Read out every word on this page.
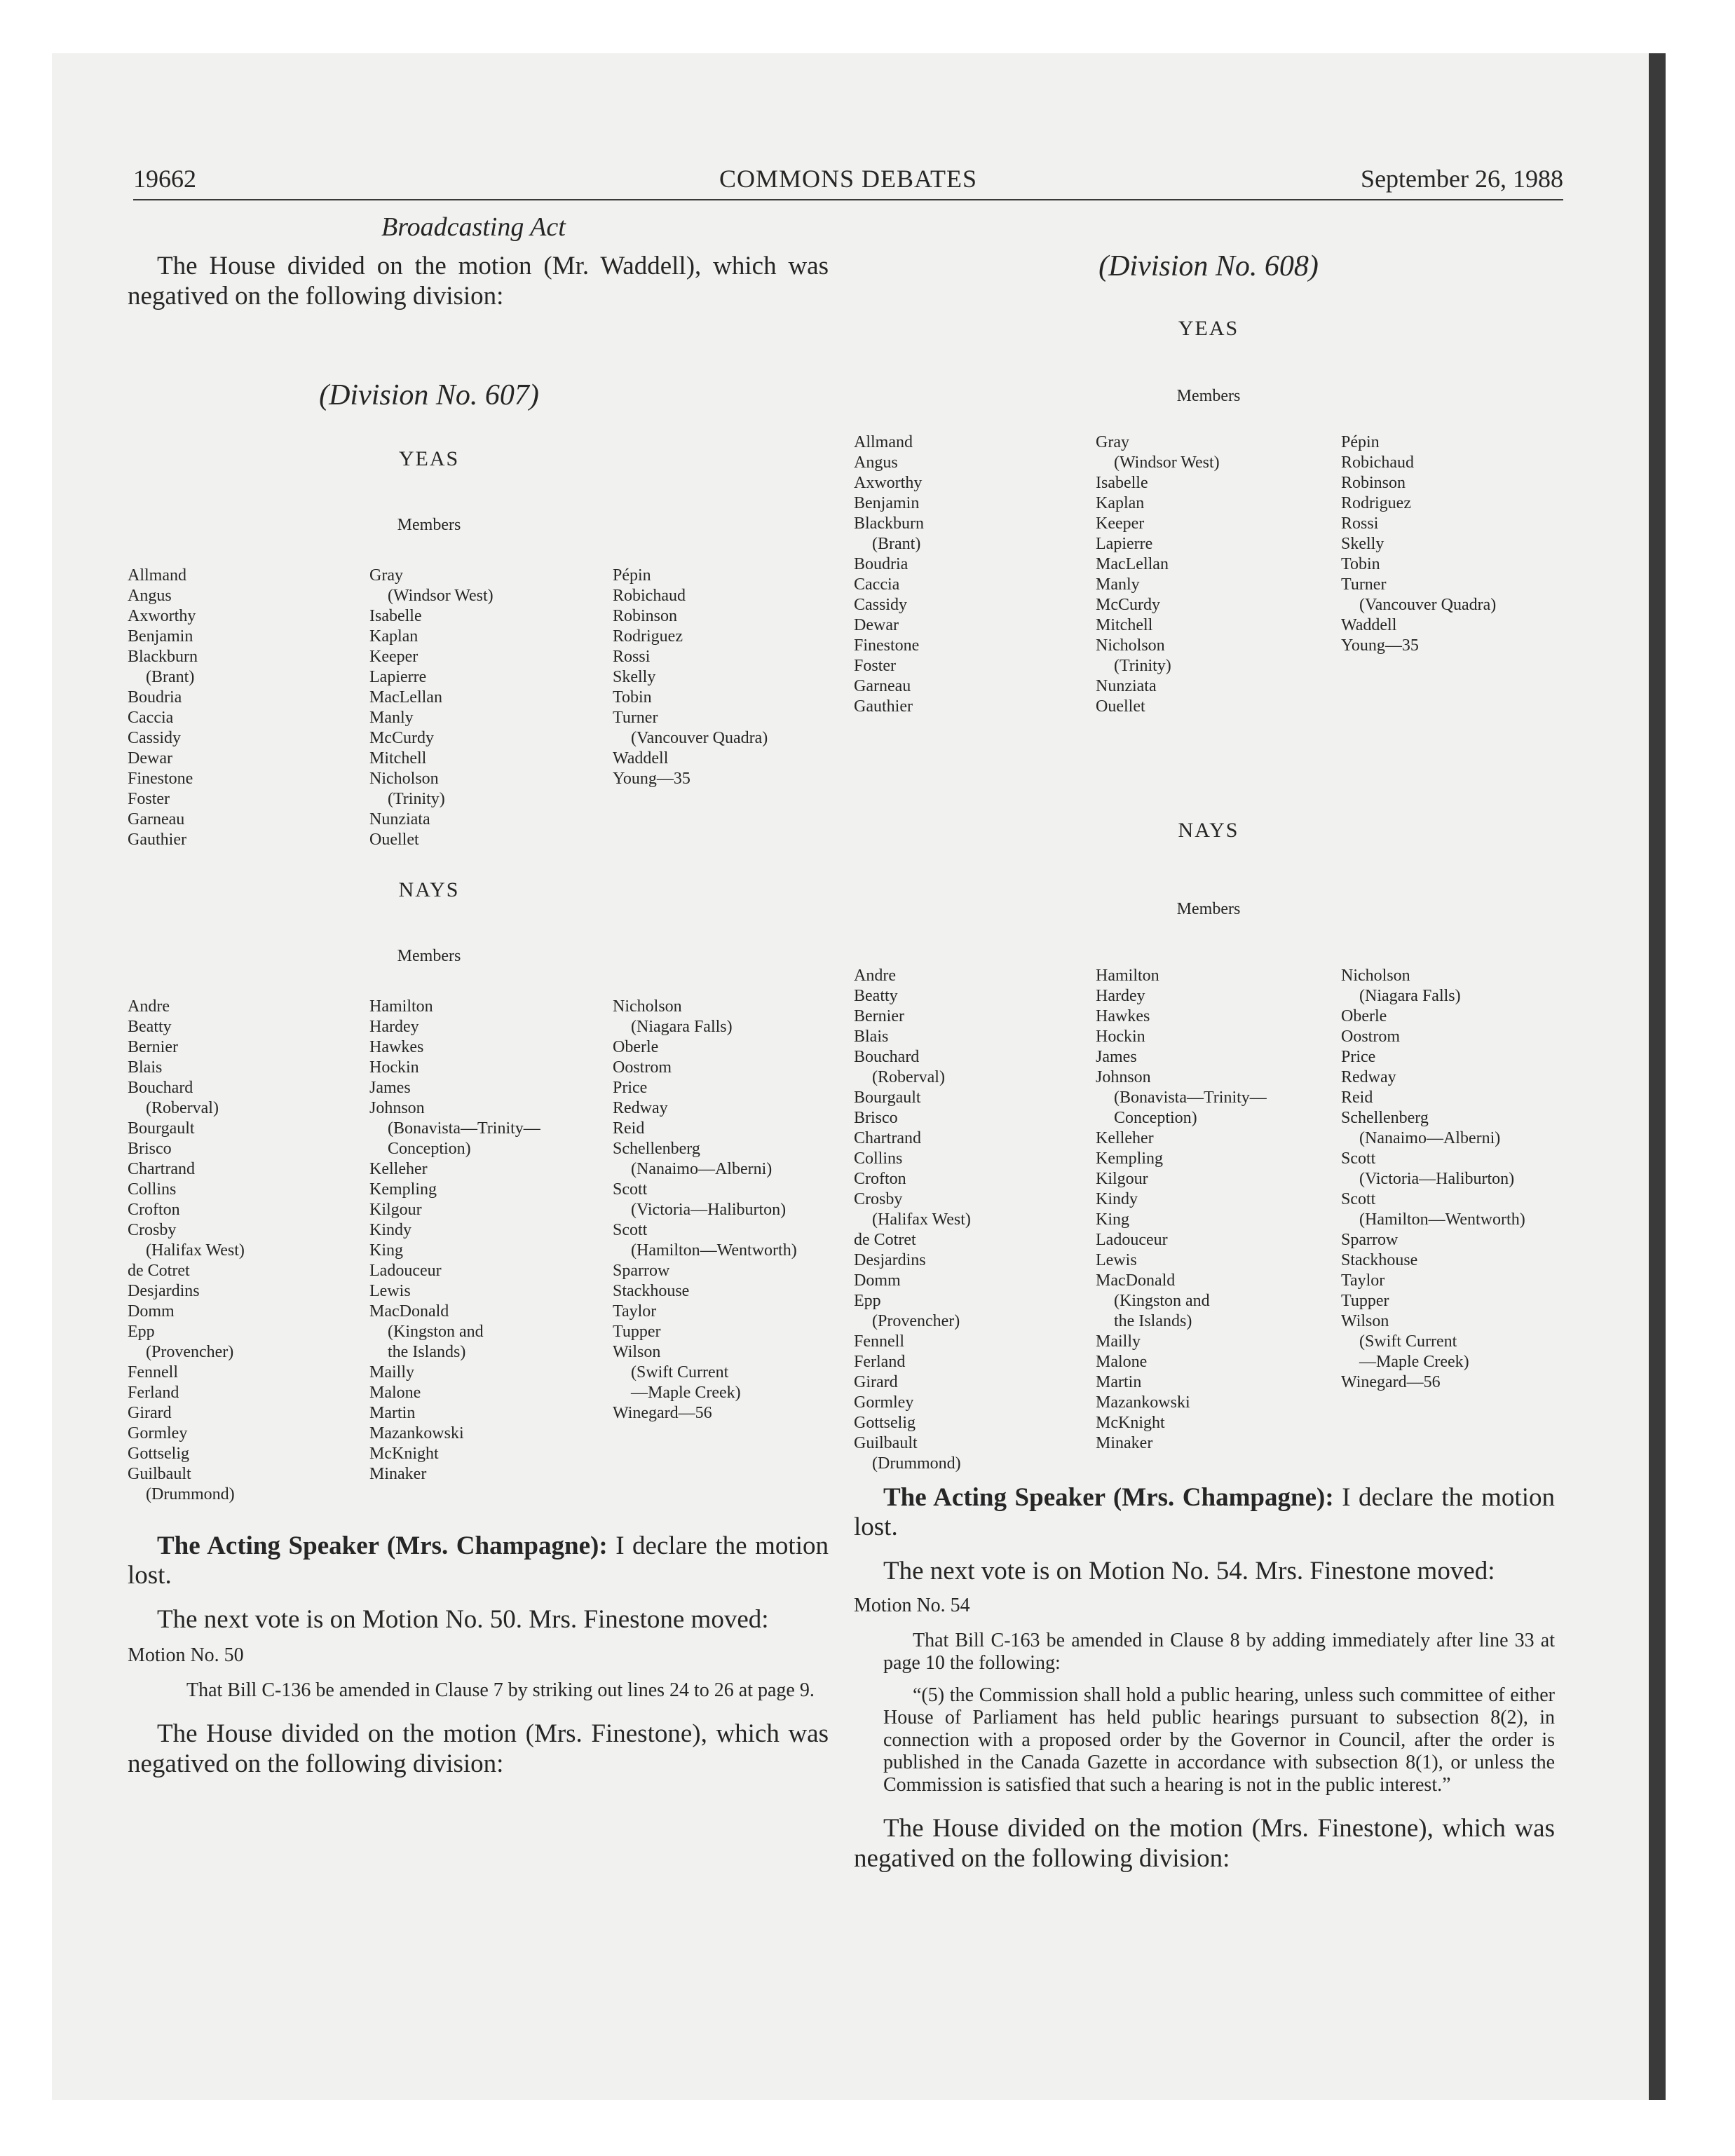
19662	COMMONS DEBATES	September 26, 1988
Broadcasting Act

The House divided on the motion (Mr. Waddell), which was negatived on the following division:

(Division No. 607)
YEAS
Members
Allmand
Angus
Axworthy
Benjamin
Blackburn
(Brant)
Boudria
Caccia
Cassidy
Dewar
Finestone
Foster
Garneau
Gauthier
Gray
(Windsor West)
Isabelle
Kaplan
Keeper
Lapierre
MacLellan
Manly
McCurdy
Mitchell
Nicholson
(Trinity)
Nunziata
Ouellet
Pépin
Robichaud
Robinson
Rodriguez
Rossi
Skelly
Tobin
Turner
(Vancouver Quadra)
Waddell
Young—35
NAYS
Members
Andre
Beatty
Bernier
Blais
Bouchard
(Roberval)
Bourgault
Brisco
Chartrand
Collins
Crofton
Crosby
(Halifax West)
de Cotret
Desjardins
Domm
Epp
(Provencher)
Fennell
Ferland
Girard
Gormley
Gottselig
Guilbault
(Drummond)
Hamilton
Hardey
Hawkes
Hockin
James
Johnson
(Bonavista—Trinity—
Conception)
Kelleher
Kempling
Kilgour
Kindy
King
Ladouceur
Lewis
MacDonald
(Kingston and
the Islands)
Mailly
Malone
Martin
Mazankowski
McKnight
Minaker
Nicholson
(Niagara Falls)
Oberle
Oostrom
Price
Redway
Reid
Schellenberg
(Nanaimo—Alberni)
Scott
(Victoria—Haliburton)
Scott
(Hamilton—Wentworth)
Sparrow
Stackhouse
Taylor
Tupper
Wilson
(Swift Current
—Maple Creek)
Winegard—56

The Acting Speaker (Mrs. Champagne): I declare the motion lost.

The next vote is on Motion No. 50. Mrs. Finestone moved:

Motion No. 50

That Bill C-136 be amended in Clause 7 by striking out lines 24 to 26 at page 9.

The House divided on the motion (Mrs. Finestone), which was negatived on the following division:

(Division No. 608)
YEAS
Members
Allmand
Angus
Axworthy
Benjamin
Blackburn
(Brant)
Boudria
Caccia
Cassidy
Dewar
Finestone
Foster
Garneau
Gauthier
Gray
(Windsor West)
Isabelle
Kaplan
Keeper
Lapierre
MacLellan
Manly
McCurdy
Mitchell
Nicholson
(Trinity)
Nunziata
Ouellet
Pépin
Robichaud
Robinson
Rodriguez
Rossi
Skelly
Tobin
Turner
(Vancouver Quadra)
Waddell
Young—35
NAYS
Members
Andre
Beatty
Bernier
Blais
Bouchard
(Roberval)
Bourgault
Brisco
Chartrand
Collins
Crofton
Crosby
(Halifax West)
de Cotret
Desjardins
Domm
Epp
(Provencher)
Fennell
Ferland
Girard
Gormley
Gottselig
Guilbault
(Drummond)
Hamilton
Hardey
Hawkes
Hockin
James
Johnson
(Bonavista—Trinity—
Conception)
Kelleher
Kempling
Kilgour
Kindy
King
Ladouceur
Lewis
MacDonald
(Kingston and
the Islands)
Mailly
Malone
Martin
Mazankowski
McKnight
Minaker
Nicholson
(Niagara Falls)
Oberle
Oostrom
Price
Redway
Reid
Schellenberg
(Nanaimo—Alberni)
Scott
(Victoria—Haliburton)
Scott
(Hamilton—Wentworth)
Sparrow
Stackhouse
Taylor
Tupper
Wilson
(Swift Current
—Maple Creek)
Winegard—56

The Acting Speaker (Mrs. Champagne): I declare the motion lost.

The next vote is on Motion No. 54. Mrs. Finestone moved:

Motion No. 54

That Bill C-163 be amended in Clause 8 by adding immediately after line 33 at page 10 the following:

“(5) the Commission shall hold a public hearing, unless such committee of either House of Parliament has held public hearings pursuant to subsection 8(2), in connection with a proposed order by the Governor in Council, after the order is published in the Canada Gazette in accordance with subsection 8(1), or unless the Commission is satisfied that such a hearing is not in the public interest.”

The House divided on the motion (Mrs. Finestone), which was negatived on the following division:
